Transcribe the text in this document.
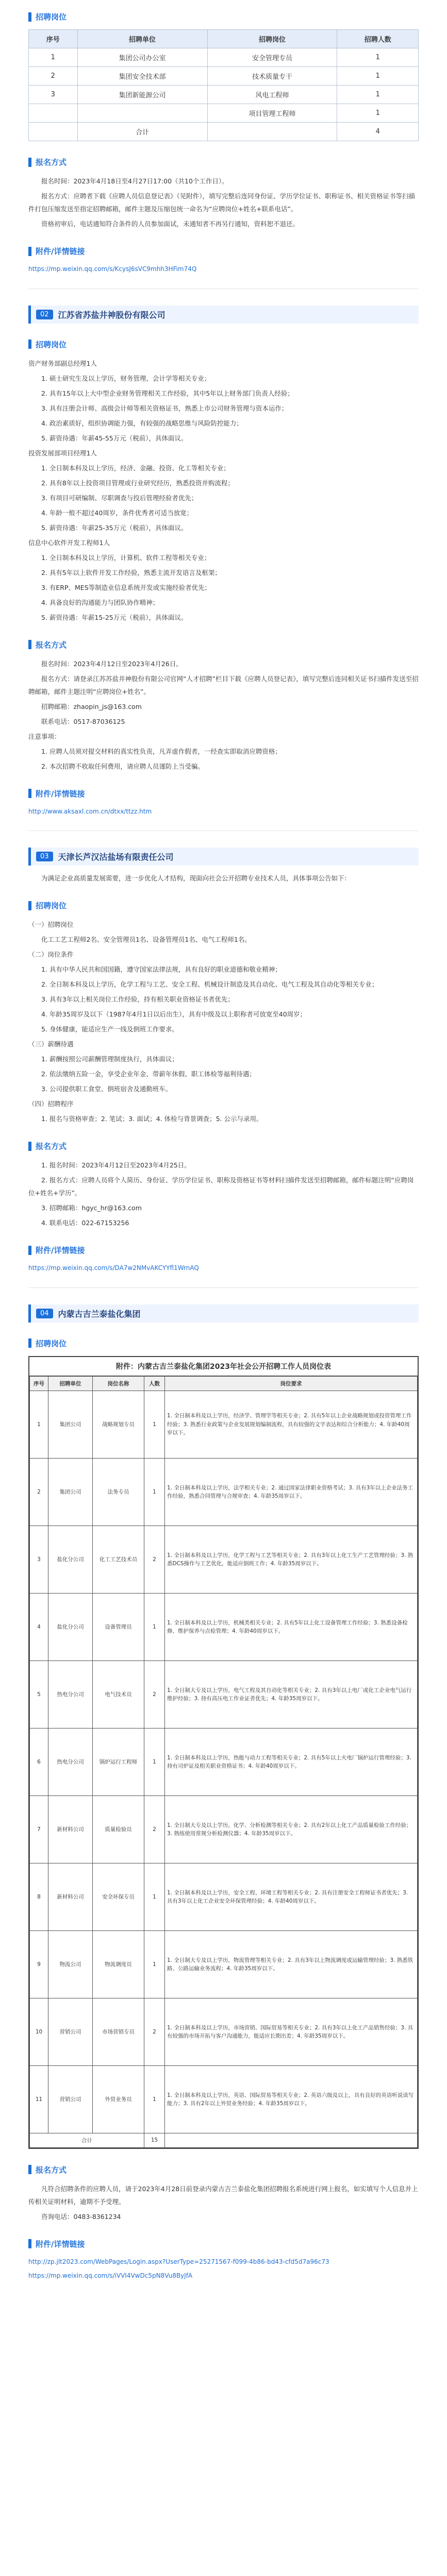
招聘岗位
序号	招聘单位	招聘岗位	招聘人数
1	集团公司办公室	安全管理专员	1
2	集团安全技术部	技术质量专干	1
3	集团新能源公司	风电工程师	1
		项目管理工程师	1
	合计		4
报名方式

报名时间：2023年4月18日至4月27日17:00（共10个工作日）。

报名方式：应聘者下载《应聘人员信息登记表》（见附件），填写完整后连同身份证、学历学位证书、职称证书、相关资格证书等扫描件打包压缩发送至指定招聘邮箱，邮件主题及压缩包统一命名为“应聘岗位+姓名+联系电话”。

资格初审后，电话通知符合条件的人员参加面试，未通知者不再另行通知，资料恕不退还。

附件/详情链接
https://mp.weixin.qq.com/s/KcysJ6sVC9mhh3HFim74Q
02	江苏省苏盐井神股份有限公司
招聘岗位

资产财务部副总经理1人

1. 硕士研究生及以上学历，财务管理、会计学等相关专业；

2. 具有15年以上大中型企业财务管理相关工作经验，其中5年以上财务部门负责人经验；

3. 具有注册会计师、高级会计师等相关资格证书，熟悉上市公司财务管理与资本运作；

4. 政治素质好，组织协调能力强，有较强的战略思维与风险防控能力；

5. 薪资待遇：年薪45-55万元（税前），具体面议。

投资发展部项目经理1人

1. 全日制本科及以上学历，经济、金融、投资、化工等相关专业；

2. 具有8年以上投资项目管理或行业研究经历，熟悉投资并购流程；

3. 有项目可研编制、尽职调查与投后管理经验者优先；

4. 年龄一般不超过40周岁，条件优秀者可适当放宽；

5. 薪资待遇：年薪25-35万元（税前），具体面议。

信息中心软件开发工程师1人

1. 全日制本科及以上学历，计算机、软件工程等相关专业；

2. 具有5年以上软件开发工作经验，熟悉主流开发语言及框架；

3. 有ERP、MES等制造业信息系统开发或实施经验者优先；

4. 具备良好的沟通能力与团队协作精神；

5. 薪资待遇：年薪15-25万元（税前），具体面议。

报名方式

报名时间：2023年4月12日至2023年4月26日。

报名方式：请登录江苏苏盐井神股份有限公司官网“人才招聘”栏目下载《应聘人员登记表》，填写完整后连同相关证书扫描件发送至招聘邮箱，邮件主题注明“应聘岗位+姓名”。

招聘邮箱：zhaopin_js@163.com

联系电话：0517-87036125

注意事项：

1. 应聘人员须对提交材料的真实性负责，凡弄虚作假者，一经查实即取消应聘资格；

2. 本次招聘不收取任何费用，请应聘人员谨防上当受骗。

附件/详情链接
http://www.aksaxl.com.cn/dtxx/ttzz.htm
03	天津长芦汉沽盐场有限责任公司

为满足企业高质量发展需要，进一步优化人才结构，现面向社会公开招聘专业技术人员，具体事项公告如下：

招聘岗位

（一）招聘岗位

化工工艺工程师2名、安全管理员1名、设备管理员1名、电气工程师1名。

（二）岗位条件

1. 具有中华人民共和国国籍，遵守国家法律法规，具有良好的职业道德和敬业精神；

2. 全日制本科及以上学历，化学工程与工艺、安全工程、机械设计制造及其自动化、电气工程及其自动化等相关专业；

3. 具有3年以上相关岗位工作经验，持有相关职业资格证书者优先；

4. 年龄35周岁及以下（1987年4月1日以后出生），具有中级及以上职称者可放宽至40周岁；

5. 身体健康，能适应生产一线及倒班工作要求。

（三）薪酬待遇

1. 薪酬按照公司薪酬管理制度执行，具体面议；

2. 依法缴纳五险一金，享受企业年金、带薪年休假、职工体检等福利待遇；

3. 公司提供职工食堂、倒班宿舍及通勤班车。

（四）招聘程序

1. 报名与资格审查；2. 笔试；3. 面试；4. 体检与背景调查；5. 公示与录用。

报名方式

1. 报名时间：2023年4月12日至2023年4月25日。

2. 报名方式：应聘人员将个人简历、身份证、学历学位证书、职称及资格证书等材料扫描件发送至招聘邮箱，邮件标题注明“应聘岗位+姓名+学历”。

3. 招聘邮箱：hgyc_hr@163.com

4. 联系电话：022-67153256

附件/详情链接
https://mp.weixin.qq.com/s/DA7w2NMvAKCYYfl1WrnAQ
04	内蒙古吉兰泰盐化集团
招聘岗位
附件：内蒙古吉兰泰盐化集团2023年社会公开招聘工作人员岗位表
序号	招聘单位	岗位名称	人数	岗位要求
1	集团公司	战略规划专员	1	1. 全日制本科及以上学历，经济学、管理学等相关专业；2. 具有5年以上企业战略规划或投资管理工作经验；3. 熟悉行业政策与企业发展规划编制流程，具有较强的文字表达和综合分析能力；4. 年龄40周岁以下。
2	集团公司	法务专员	1	1. 全日制本科及以上学历，法学相关专业；2. 通过国家法律职业资格考试；3. 具有3年以上企业法务工作经验，熟悉合同管理与合规审查；4. 年龄35周岁以下。
3	盐化分公司	化工工艺技术员	2	1. 全日制本科及以上学历，化学工程与工艺等相关专业；2. 具有3年以上化工生产工艺管理经验；3. 熟悉DCS操作与工艺优化，能适应倒班工作；4. 年龄35周岁以下。
4	盐化分公司	设备管理员	1	1. 全日制本科及以上学历，机械类相关专业；2. 具有5年以上化工设备管理工作经验；3. 熟悉设备检修、维护保养与点检管理；4. 年龄40周岁以下。
5	热电分公司	电气技术员	2	1. 全日制大专及以上学历，电气工程及其自动化等相关专业；2. 具有3年以上电厂或化工企业电气运行维护经验；3. 持有高压电工作业证者优先；4. 年龄35周岁以下。
6	热电分公司	锅炉运行工程师	1	1. 全日制本科及以上学历，热能与动力工程等相关专业；2. 具有5年以上火电厂锅炉运行管理经验；3. 持有司炉证及相关职业资格证书；4. 年龄40周岁以下。
7	新材料公司	质量检验员	2	1. 全日制大专及以上学历，化学、分析检测等相关专业；2. 具有2年以上化工产品质量检验工作经验；3. 熟练使用常规分析检测仪器；4. 年龄35周岁以下。
8	新材料公司	安全环保专员	1	1. 全日制本科及以上学历，安全工程、环境工程等相关专业；2. 具有注册安全工程师证书者优先；3. 具有3年以上化工企业安全环保管理经验；4. 年龄40周岁以下。
9	物流公司	物流调度员	1	1. 全日制大专及以上学历，物流管理等相关专业；2. 具有3年以上物流调度或运输管理经验；3. 熟悉铁路、公路运输业务流程；4. 年龄35周岁以下。
10	营销公司	市场营销专员	2	1. 全日制本科及以上学历，市场营销、国际贸易等相关专业；2. 具有3年以上化工产品销售经验；3. 具有较强的市场开拓与客户沟通能力，能适应长期出差；4. 年龄35周岁以下。
11	营销公司	外贸业务员	1	1. 全日制本科及以上学历，英语、国际贸易等相关专业；2. 英语六级及以上，具有良好的英语听说读写能力；3. 具有2年以上外贸业务经验；4. 年龄35周岁以下。
合计			15	
报名方式

凡符合招聘条件的应聘人员，请于2023年4月28日前登录内蒙古吉兰泰盐化集团招聘报名系统进行网上报名，如实填写个人信息并上传相关证明材料，逾期不予受理。

咨询电话：0483-8361234

附件/详情链接
http://zp.jlt2023.com/WebPages/Login.aspx?UserType=25271567-f099-4b86-bd43-cfd5d7a96c73
https://mp.weixin.qq.com/s/iVVI4VwDc5pN8Vu8ByJfA
